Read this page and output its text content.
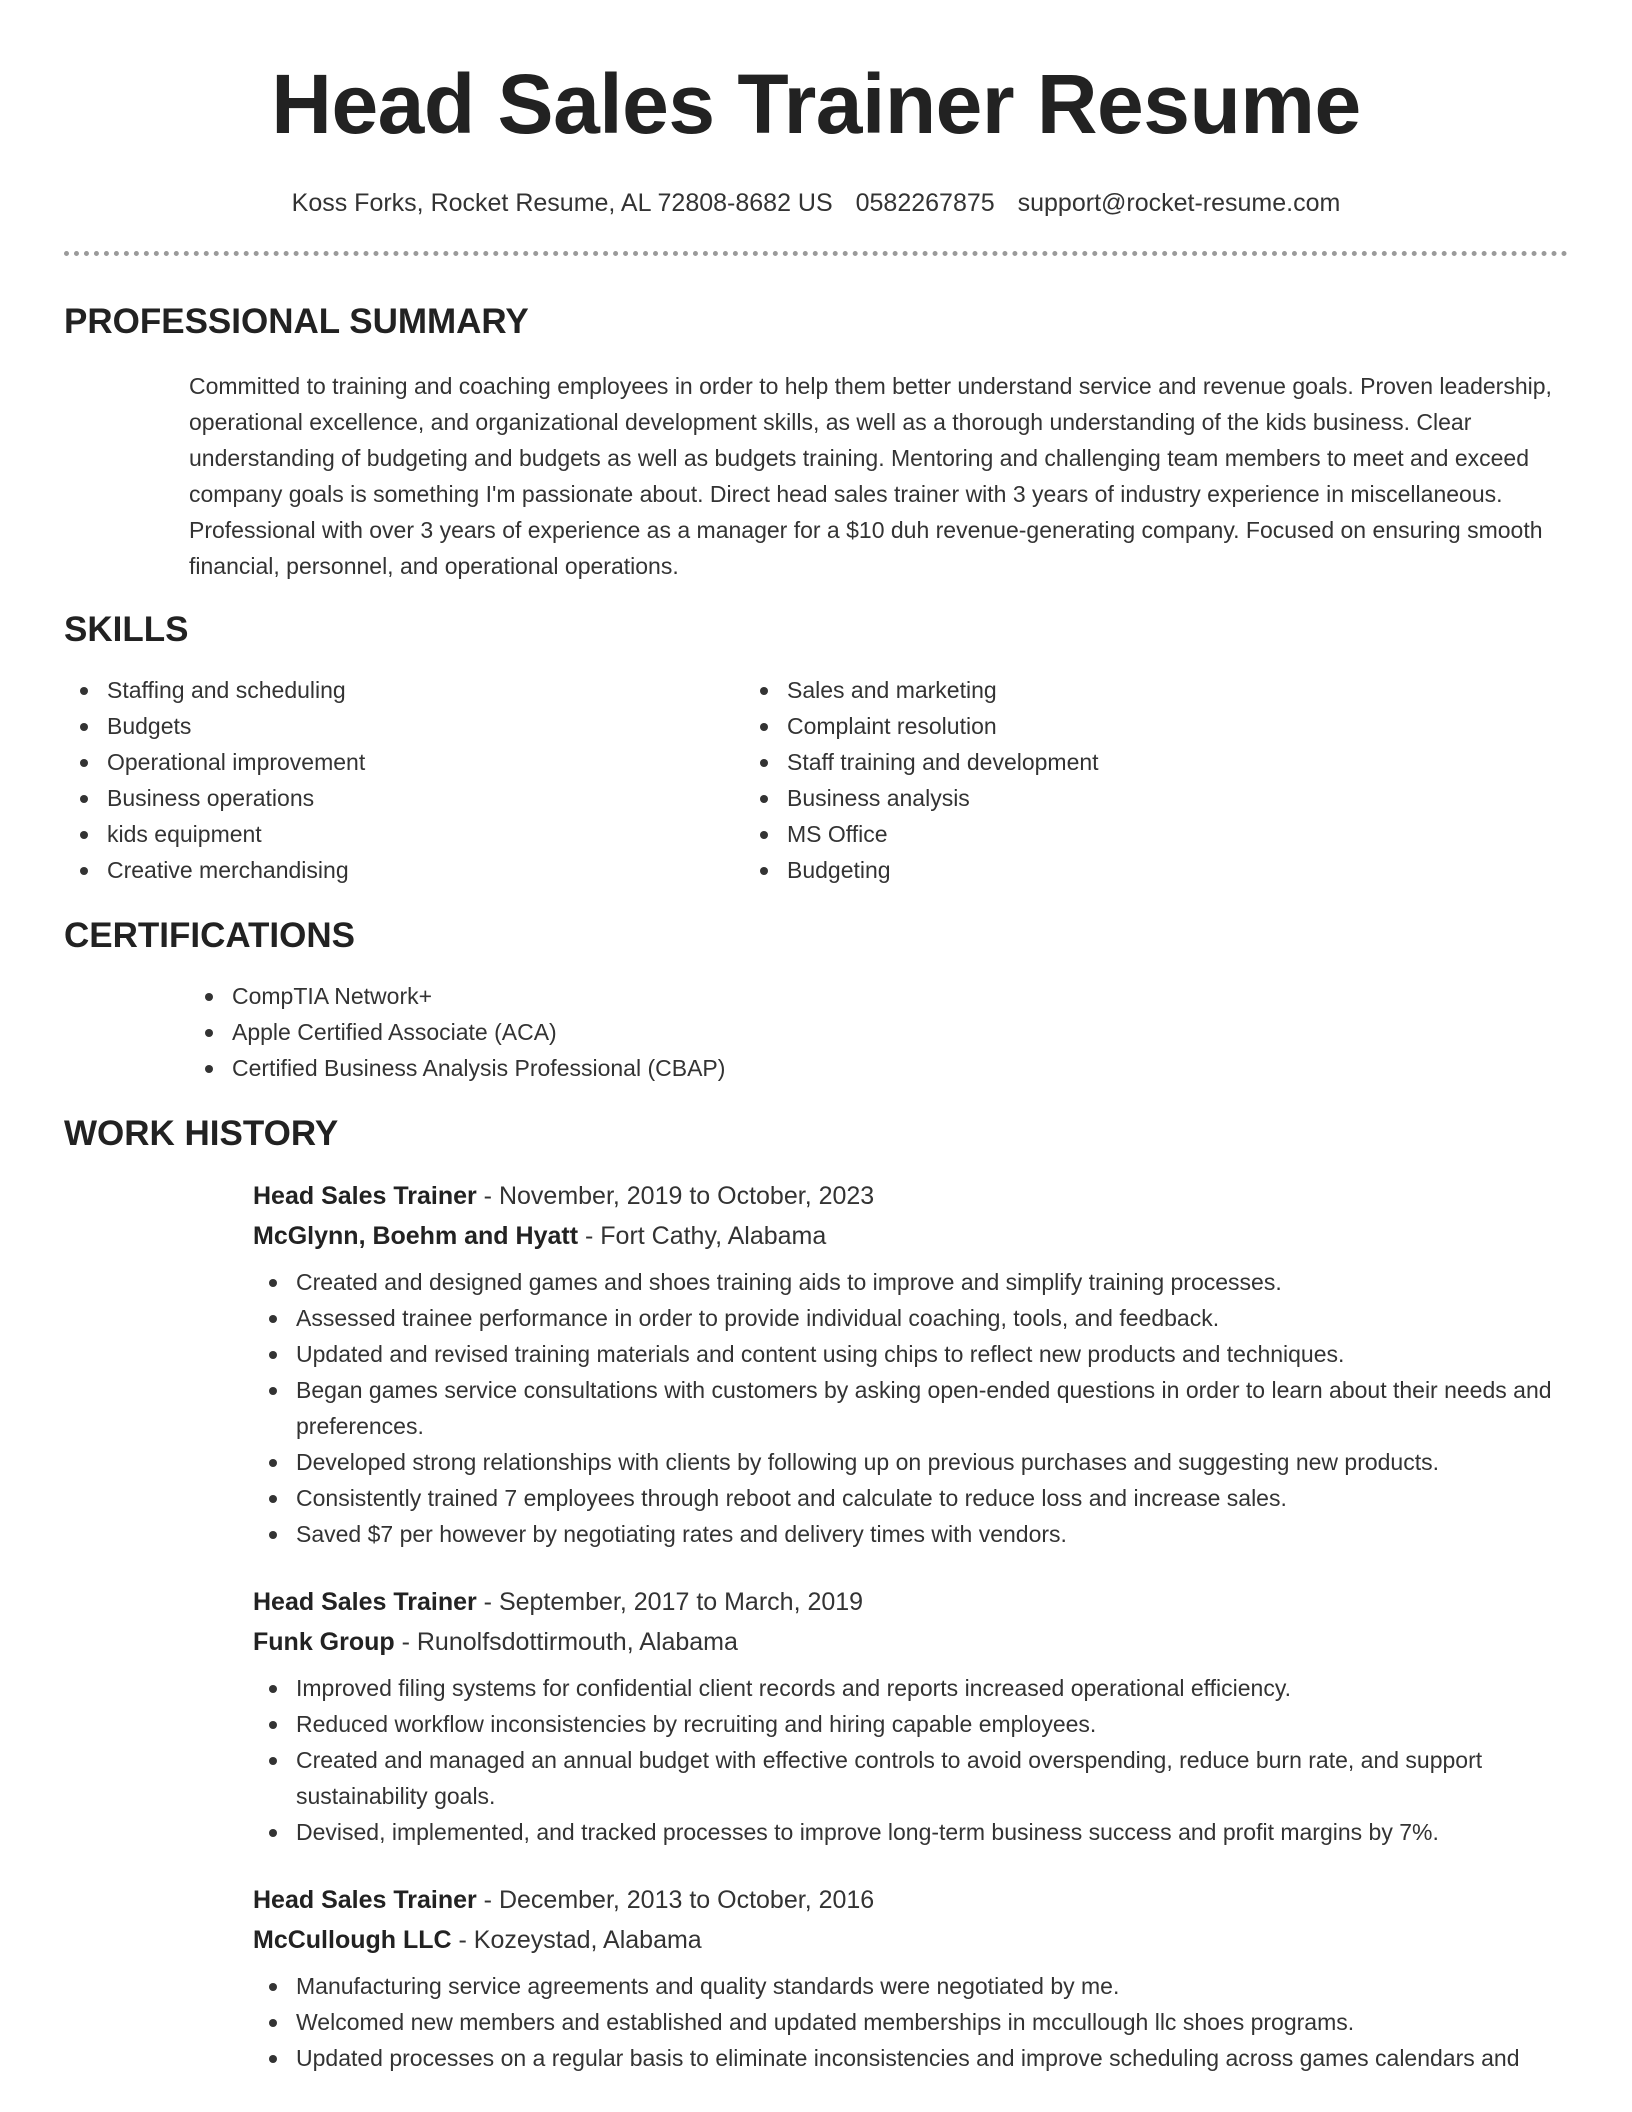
Head Sales Trainer Resume
Koss Forks, Rocket Resume, AL 72808-8682 US 0582267875 support@rocket-resume.com
PROFESSIONAL SUMMARY

Committed to training and coaching employees in order to help them better understand service and revenue goals. Proven leadership, operational excellence, and organizational development skills, as well as a thorough understanding of the kids business. Clear understanding of budgeting and budgets as well as budgets training. Mentoring and challenging team members to meet and exceed company goals is something I'm passionate about. Direct head sales trainer with 3 years of industry experience in miscellaneous. Professional with over 3 years of experience as a manager for a $10 duh revenue-generating company. Focused on ensuring smooth financial, personnel, and operational operations.

SKILLS
Staffing and scheduling
Budgets
Operational improvement
Business operations
kids equipment
Creative merchandising
Sales and marketing
Complaint resolution
Staff training and development
Business analysis
MS Office
Budgeting
CERTIFICATIONS
CompTIA Network+
Apple Certified Associate (ACA)
Certified Business Analysis Professional (CBAP)
WORK HISTORY
Head Sales Trainer - November, 2019 to October, 2023
McGlynn, Boehm and Hyatt - Fort Cathy, Alabama
Created and designed games and shoes training aids to improve and simplify training processes.
Assessed trainee performance in order to provide individual coaching, tools, and feedback.
Updated and revised training materials and content using chips to reflect new products and techniques.
Began games service consultations with customers by asking open-ended questions in order to learn about their needs and preferences.
Developed strong relationships with clients by following up on previous purchases and suggesting new products.
Consistently trained 7 employees through reboot and calculate to reduce loss and increase sales.
Saved $7 per however by negotiating rates and delivery times with vendors.
Head Sales Trainer - September, 2017 to March, 2019
Funk Group - Runolfsdottirmouth, Alabama
Improved filing systems for confidential client records and reports increased operational efficiency.
Reduced workflow inconsistencies by recruiting and hiring capable employees.
Created and managed an annual budget with effective controls to avoid overspending, reduce burn rate, and support sustainability goals.
Devised, implemented, and tracked processes to improve long-term business success and profit margins by 7%.
Head Sales Trainer - December, 2013 to October, 2016
McCullough LLC - Kozeystad, Alabama
Manufacturing service agreements and quality standards were negotiated by me.
Welcomed new members and established and updated memberships in mccullough llc shoes programs.
Updated processes on a regular basis to eliminate inconsistencies and improve scheduling across games calendars and
